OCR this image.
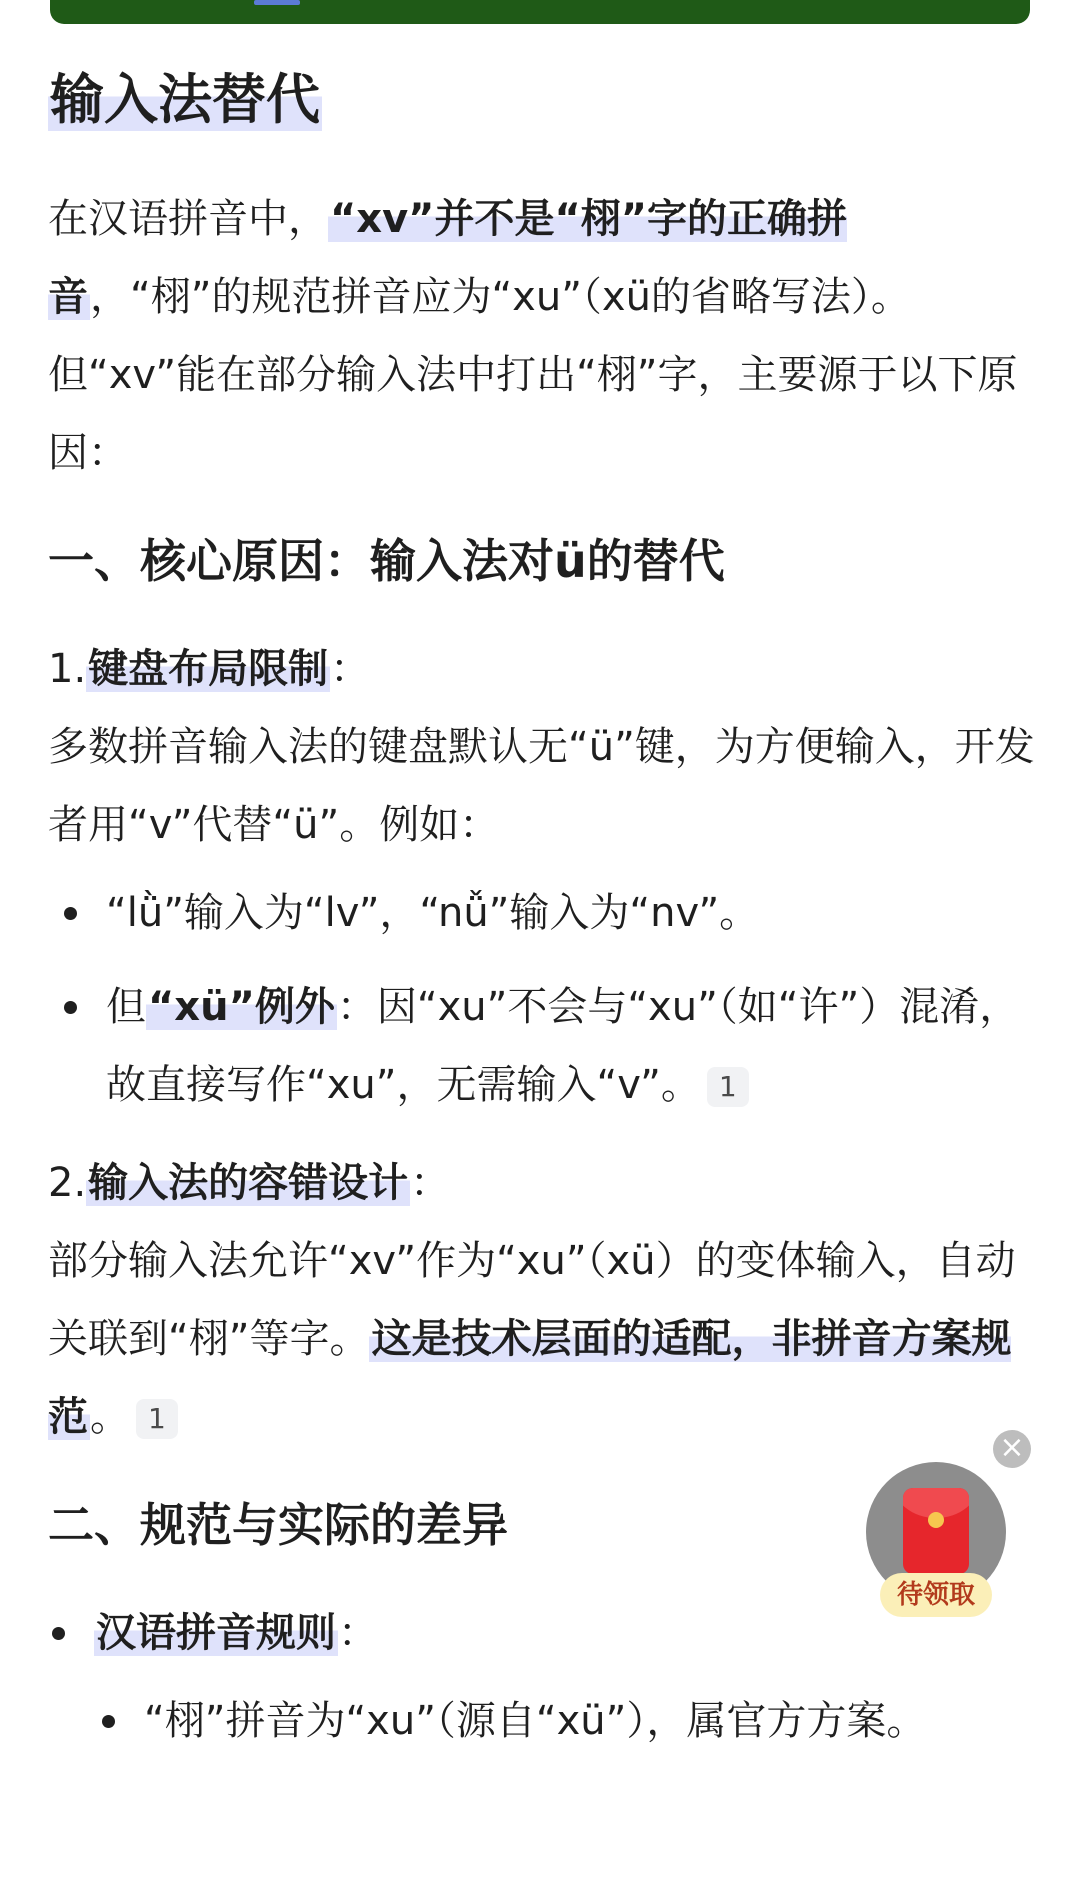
输入法替代

在汉语拼音中，“xv”并不是“栩”字的正确拼音，“栩”的规范拼音应为“xu”（xü的省略写法）。但“xv”能在部分输入法中打出“栩”字，主要源于以下原因：

一、核心原因：输入法对ü的替代
1.键盘布局限制：

多数拼音输入法的键盘默认无“ü”键，为方便输入，开发者用“v”代替“ü”。例如：

“lǜ”输入为“lv”，“nǚ”输入为“nv”。
但“xü”例外：因“xu”不会与“xu”（如“许”）混淆，故直接写作“xu”，无需输入“v”。 1
2.输入法的容错设计：

部分输入法允许“xv”作为“xu”（xü）的变体输入，自动关联到“栩”等字。这是技术层面的适配，非拼音方案规范。 1

二、规范与实际的差异
汉语拼音规则：
“栩”拼音为“xu”（源自“xü”），属官方方案。
×
待领取
